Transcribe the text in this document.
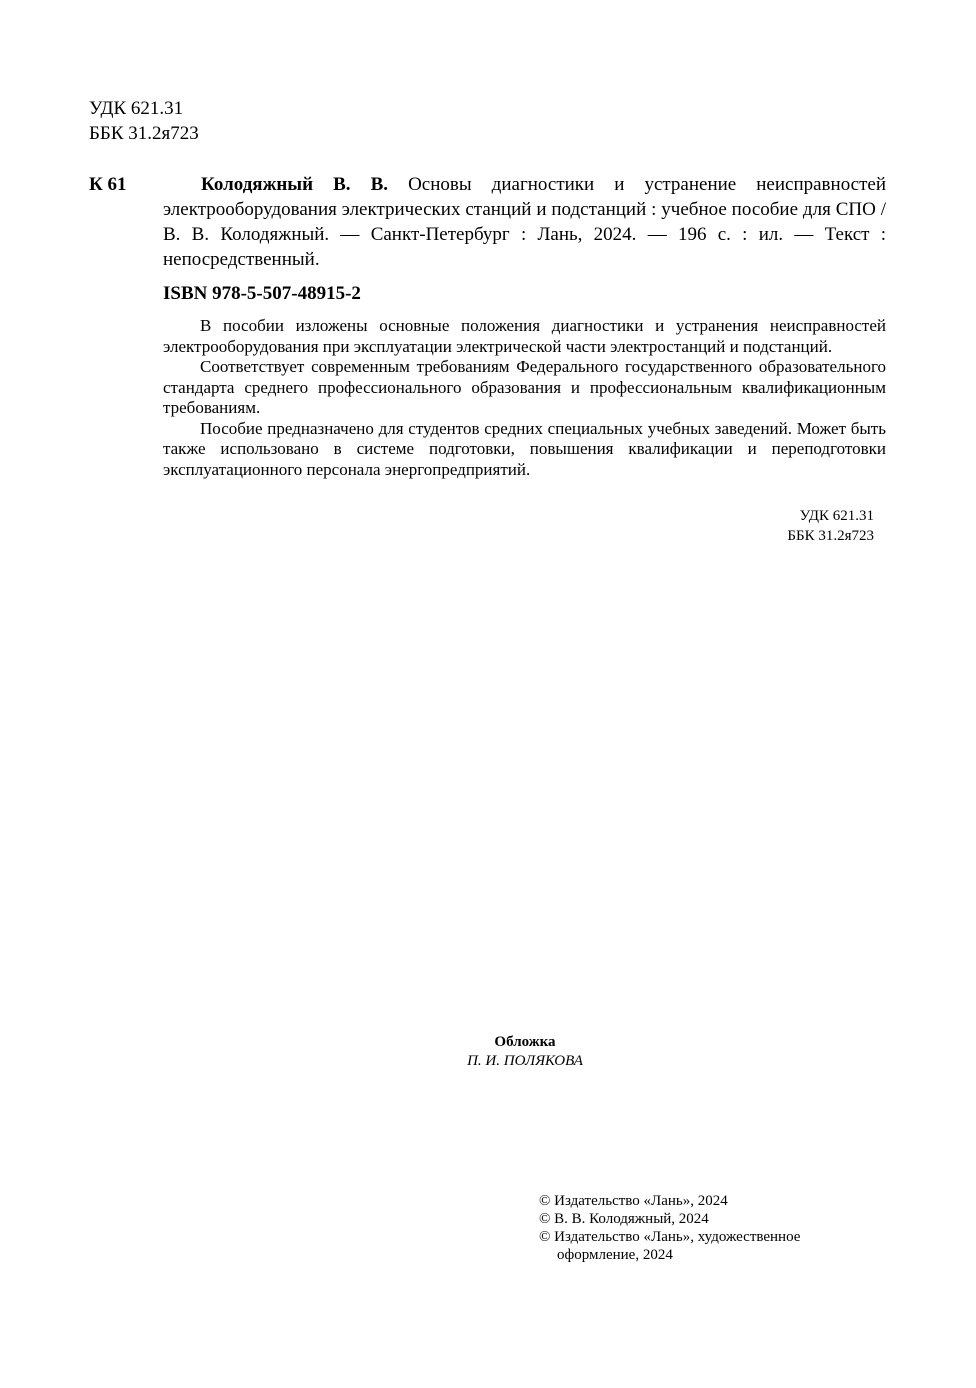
УДК 621.31
ББК 31.2я723
К 61	Колодяжный В. В. Основы диагностики и устранение неисправностей электрооборудования электрических станций и подстанций : учебное пособие для СПО / В. В. Колодяжный. — Санкт-Петербург : Лань, 2024. — 196 с. : ил. — Текст : непосредственный.

ISBN 978-5-507-48915-2

В пособии изложены основные положения диагностики и устранения неисправностей электрооборудования при эксплуатации электрической части электростанций и подстанций.

Соответствует современным требованиям Федерального государственного образовательного стандарта среднего профессионального образования и профессиональным квалификационным требованиям.

Пособие предназначено для студентов средних специальных учебных заведений. Может быть также использовано в системе подготовки, повышения квалификации и переподготовки эксплуатационного персонала энергопредприятий.

УДК 621.31
ББК 31.2я723
Обложка
П. И. ПОЛЯКОВА
© Издательство «Лань», 2024
© В. В. Колодяжный, 2024
© Издательство «Лань», художественное
оформление, 2024
